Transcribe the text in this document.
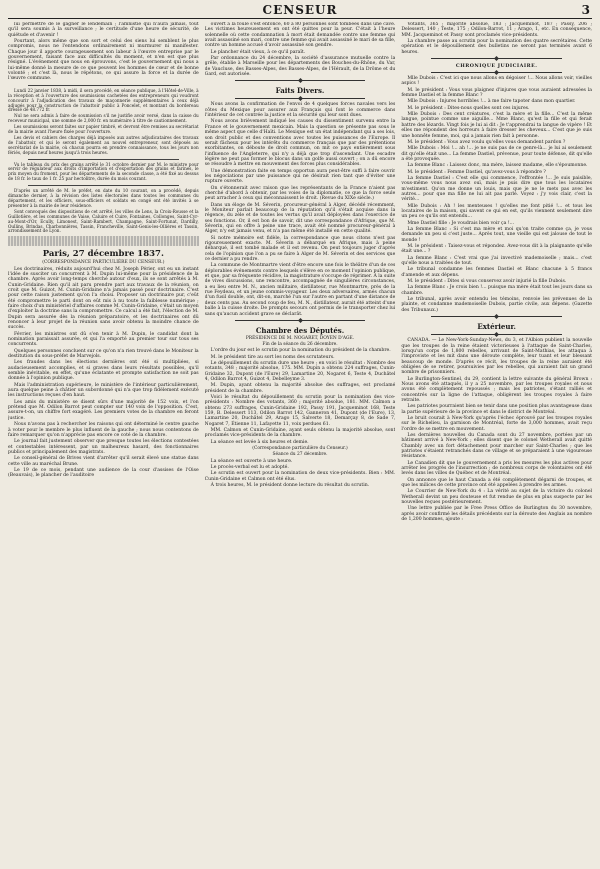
CENSEUR	3

lui permettre de le gagner le lendemain ; l'amnistié qui n'aura jamais, tout qu'il sera soumis à la surveillance ; le certitude d'une heure de sécurité, de quiétude et d'avenir !

Pourtant, alors même que son sort et celui des siens lui semblent le plus compromis, nous ne l'entendons ordinairement ni murmurer ni manifester. Chaque jour il apporte courageusement son labeur à l'œuvre entreprise par le gouvernement, faisant face aux difficultés du moment, et n'en est que plus résigné. L'événement que nous en éprouvons, c'est le gouvernement qui nous a lui-même donné la mesure de ce que peuvent les hommes de cœur et de bonne volonté ; et c'est là, nous le répétons, ce qui assure la force et la durée de l'œuvre commune.

Lundi 22 janvier 1838, à midi, il sera procédé, en séance publique, à l'Hôtel-de-Ville, à la réception et à l'ouverture des soumissions cachetées des entrepreneurs qui voudront concourir à l'adjudication des travaux de maçonnerie supplémentaires à ceux déjà adjugés pour la construction de l'abattoir public à Poncelet, et montant du bordereau dressé de 48.772 fr.

Nul ne sera admis à faire de soumission s'il ne justifie avoir versé, dans la caisse du receveur municipal, une somme de 2,000 fr. en numéraire à titre de cautionnement.

Les soumissions seront faites sur papier timbré, et devront être remises au secrétariat de la mairie avant l'heure fixée pour l'ouverture.

Les devis et cahiers des charges déjà imposés aux autres adjudicataires des travaux de l'abattoir, et qui le seront également au nouvel entrepreneur, sont déposés au secrétariat de la mairie, où chacun pourra en prendre connaissance, tous les jours non fériés, depuis neuf heures jusqu'à trois heures.

Vu le tableau du prix des grains arrêté le 31 octobre dernier par M. le ministre pour servir de régulateur aux droits d'importation et d'exportation des grains et farines, le prix moyen du froment, pour les départements de la seconde classe, a été fixé au dessus de 18 fr. le taux de 1 fr. 25 par hectolitre, durée du mois courant.

D'après un arrêté de M. le préfet, en date du 10 courant, on a procédé, depuis dimanche dernier, à la révision des listes électorales dans toutes les communes du département, et les officiers, sous-officiers et soldats en congé ont été invités à se présenter à la mairie de leur résidence.

Sont convoqués des dispositions de cet arrêté, les villes de Lens, la Croix-Rousse et la Guillotière, et les communes de Vaise, Caluire et Cuire, Fontaines, Collonges, Saint-Cyr-au-Mont-d'Or, Ecully, Limonest, Saint-Rambert, Champagne, Saint-Fortunat, Dardilly, Oullins, Brindas, Charbonnières, Tassin, Francheville, Saint-Genis-les-Ollières et Tassin, arrondissement de Lyon.

Paris, 27 décembre 1837.
(CORRESPONDANCE PARTICULIÈRE DU CENSEUR.)

Les doctrinaires, réduits aujourd'hui chez M. Joseph Périer, ont eu un instant l'idée de susciter un concurrent à M. Dupin lui-même pour la présidence de la chambre. Après avoir long-temps cherché autour d'eux, ils se sont arrêtés à M. Cunin-Gridaine. Rien qu'il ait paru prendre part aux travaux de la réunion, on croit que M. Guizot, M. Cunin-Gridaine n'a jamais passé pour doctrinaire. C'est pour cette raison justement qu'on l'a choisi. Proposer un doctrinaire pur, c'eût été compromettre le parti dont on eût mis à nu toute la faiblesse numérique ; faire choix d'un ministériel d'affaires comme M. Cunin-Gridaine, c'était un moyen d'exploiter la doctrine sans la compromettre. Ce calcul a été fait, l'élection de M. Dupin sera assurée dès la réunion préparatoire, et les doctrinaires ont dû renoncer à leur projet de la réunion sans avoir obtenu la moindre chance de succès.

Février, les ministres ont dû s'en tenir à M. Dupin, le candidat dont la nomination paraissait assurée, et qui l'a emporté au premier tour sur tous ses concurrents.

Quelques personnes concluent sur ce qu'on n'a rien trouvé dans le Moniteur la destitution du sous-préfet de Marvejols.

Les fraudes dans les élections dernières ont été si multipliées, si audacieusement accomplies, et si graves dans leurs résultats possibles, qu'il semble inévitable, en effet, qu'une éclatante et prompte satisfaction ne soit pas donnée à l'opinion publique.

Mais l'administration supérieure, le ministère de l'intérieur particulièrement, aura quelque peine à châtier un subordonné qui n'a que trop fidèlement exécuté les instructions reçues d'en haut.

Les amis du ministère se disent sûrs d'une majorité de 152 voix, et l'on prétend que M. Odilon Barrot peut compter sur 140 voix de l'opposition. C'est, assure-t-on, un chiffre fort exagéré. Les premiers votes de la chambre en feront justice.

Nous n'avons pas à rechercher les raisons qui ont déterminé le centre gauche à voter pour le membre le plus influent de la gauche ; nous nous contentons de faire remarquer qu'on n'apprécie pas encore ce coté de la chambre.

Le journal fait justement observer que presque toutes les élections contestées et contestables intéressent, par un malheureux hasard, des fonctionnaires publics et principalement des magistrats.

Le conseil-général de Brives vient d'arrêter qu'il serait élevé une statue dans cette ville au maréchal Brune.

Le 19 de ce mois, pendant une audience de la cour d'assises de l'Oise (Beauvais), le plancher de l'auditoire

ouvert à la foule s'est enfoncé, 60 à 80 personnes sont tombées dans une cave. Les victimes heureusement en ont été quittes pour la peur. C'était à l'heure solennelle où cette condamnation à mort était demandée contre une femme qui avait assassiné son mari, contre une femme qui avait assassiné le mari de sa fille, contre un homme accusé d'avoir assassiné son gendre.

Le plancher était vieux, à ce qu'il paraît.

Par ordonnance du 24 décembre, la société d'assurance mutuelle contre la grêle, établie à Marseille pour les départements des Bouches-du-Rhône, du Var, de Vaucluse, des Basses-Alpes, des Basses-Alpes, de l'Hérault, de la Drôme et du Gard, est autorisée.

Faits Divers.

Nous avons la confirmation de l'envoi de 4 quelques forces navales vers les côtes du Mexique pour assurer aux Français qui font le commerce dans l'intérieur de cet contrée la justice et la sécurité qui leur sont dues.

Nous avons brièvement indiqué les causes du dissentiment survenu entre la France et le gouvernement mexicain. Mais la question se présente pas sous le même aspect que celle d'Haïti. Le Mexique est un état indépendant qui a ses lois, son droit public et des conventions avec toutes les puissances de l'Europe. Il serait fâcheux pour les intérêts du commerce français que par des prétentions exorbitantes, on déboute de droit commun, on mit ce pays entièrement sous l'influence de l'Angleterre, qui n'y a déjà que trop d'ascendant. Une escadre légère ne peut pas former le blocus dans un golfe aussi ouvert ; on a dû encore se résoudre à mettre en mouvement des forces plus considérables.

Une démonstration faite en temps opportun aura peut-être suffi à faire ouvrir les négociations par une puissance qui ne désirait rien tant que d'éviter une rupture ouverte.

On s'étonnerait avec raison que les représentants de la France n'aient pas cherché d'abord à obtenir, par les voies de la diplomatie, ce que la force seule peut arracher à ceux qui méconnaissent le droit. (Revue du XIXe siècle.)

Dans un éloge de M. Séverin, procureur-général à Alger, décédé récemment, le Moniteur parlait beaucoup de la réputation qu'il s'était acquise dans la régence, du zèle et de toutes les vertus qu'il avait déployées dans l'exercice de ses fonctions. Or, il est bon de savoir, dit une correspondance d'Afrique, que M. Séverin, qui en offre à peine une trace, avait été nommé procureur-général à Alger, n'y est jamais venu, et n'a pas même été installé en cette qualité.

Si notre mémoire est fidèle, la correspondance que nous citons n'est pas rigoureusement exacte. M. Séverin a débarqué en Afrique, mais à peine débarqué, il est tombé malade et il est revenu. On peut toujours juger d'après cela de l'opinion que l'on a pu se faire à Alger de M. Séverin et des services que ce dernier a pu rendre.

La commune de Montmartre vient d'être encore une fois le théâtre d'un de ces déplorables événements contre lesquels s'élève en ce moment l'opinion publique, et que, par sa fréquente récidive, la magistrature s'occupe de réprimer. À la suite de vives discussions, une rencontre, accompagnée de singulières circonstances, a eu lieu entre M. N., ancien militaire, distillateur, rue Montmartre, près de la rue Feydeau, et un jeune commis-voyageur. Les deux adversaires, armés chacun d'un fusil double, ont, dit-on, marché l'un sur l'autre en partant d'une distance de deux cents pas. Au second coup de feu, M. N., distillateur, aurait été atteint d'une balle à la cuisse droite. De prompts secours ont permis de le transporter chez lui sans qu'aucun accident grave se déclarât.

Chambre des Députés.
PRÉSIDENCE DE M. NOGARET, DOYEN D'AGE.
Fin de la séance du 26 décembre.

L'ordre du jour est le scrutin pour la nomination du président de la chambre.

M. le président tire au sort les noms des scrutateurs.

Le dépouillement du scrutin dure une heure ; en voici le résultat : Nombre des votants, 348 ; majorité absolue, 175. MM. Dupin a obtenu 224 suffrages, Cunin-Gridaine 32, Dupont (de l'Eure) 29, Lamartine 20, Nogaret 6, Teste 4, Duchâtel 4, Odilon Barrot 4, Guizot 4, Debelleyme 3.

M. Dupin, ayant obtenu la majorité absolue des suffrages, est proclamé président de la chambre.

Voici le résultat du dépouillement du scrutin pour la nomination des vice-présidents : Nombre des votants, 360 ; majorité absolue, 181. MM. Calmon a obtenu 273 suffrages, Cunin-Gridaine 192, Passy 191, Jacqueminot 168, Teste 159, B. Delessert 113, Odilon Barrot 142, Ganneron 41, Dupont (de l'Eure), 13, Lamartine 20, Duchâtel 29, Arago 15, Salverte 18, Demarçay 8, de Sade 7, Nogaret 7, Étienne 11, Lafayette 11, voix perdues 61.

MM. Calmon et Cunin-Gridaine, ayant seuls obtenu la majorité absolue, sont proclamés vice-présidents de la chambre.

La séance est levée à six heures et demie.

(Correspondance particulière du Censeur.)
Séance du 27 décembre.

La séance est ouverte à une heure.

Le procès-verbal est lu et adopté.

Le scrutin est ouvert pour la nomination de deux vice-présidents. Bien : MM. Cunin-Gridaine et Calmon ont été élus.

À trois heures, M. le président donne lecture du résultat du scrutin.

Votants, 365 ; majorité absolue, 183 ; Jacqueminot, 187 ; Passy, 206 ; Delessert, 140 ; Teste, 175 ; Odilon-Barrot, 11 ; Arago, 1, etc. En conséquence, MM. Jacqueminot et Passy sont proclamés vice-présidents.

La chambre passe au scrutin pour la nomination des quatre secrétaires. Cette opération et le dépouillement des bulletins ne seront pas terminés avant 6 heures.

CHRONIQUE JUDICIAIRE.

Mlle Dubois : C'est ici que nous allons en dégoiser !... Nous allons voir, vieilles aspics !

M. le président : Vous vous plaignez d'injures que vous auraient adressées la femme Dastiel et la femme Blanc ?

Mlle Dubois : Injures horribles !... à me faire tapoter dans mon quartier.

M. le président : Dites-nous quelles sont ces injures.

Mlle Dubois : Des cent créatures, c'est la mère et la fille... C'est la même langue, pointue comme une aiguille... Mme Blanc, qu'est la fille et qui ferait battre des lézards. Vingt fois je lui ai dit : Je t'apprendrai ta langue de vipère ! Et elles me répondent des horreurs à faire dresser les cheveux... C'est que je suis une honnête femme, moi, qui a jamais rien fait à personne.

M. le président : Vous avez voulu qu'elles vous demandent pardon ?

Mlle Dubois : Moi !... ah !... je ne suis pas de ce genre-là... je lui ai seulement dit qu'elle était une... La femme Dastiel, prévenue, pour toute défense, dit qu'elle a été provoquée.

La femme Blanc : Laissez donc, ma mère, laissez madame, elle s'époumonne.

M. le président : Femme Dastiel, qu'avez-vous à répondre ?

La femme Dastiel : C'est elle qui commence, l'effrontée !... Je suis paisible, vous-même vous nous avez ouï, mais je puis dire que tous les locataires m'estiment. Qu'on me donne un louis, mais que je ne le mets pas avec les autres... pour que ma fille ne lui ait pas parlé. Voyez : j'y vois clair, c'est la vérité...

Mlle Dubois : Ah ! les menteuses ! qu'elles me font pitié !... et tous les locataires de la maison, qui savent ce qui en est, qu'ils viennent seulement dire un peu ce qu'ils ont entendu...

Mme Dastiel fille : Je voudrais bien voir ça !...

La femme Blanc : Si c'est ma mère et moi qu'on traite comme ça, je vous demande un peu si c'est juste... Après tout, une vieille qui est jalouse de tout le monde !

M. le président : Taisez-vous et répondez. Avez-vous dit à la plaignante qu'elle était une... ?

La femme Blanc : C'est vrai que j'ai invectivé mademoiselle ; mais... c'est qu'elle nous a traitées de tout.

Le tribunal condamne les femmes Dastiel et Blanc chacune à 5 francs d'amende et aux dépens.

M. le président : Dites si vous conservez avoir injurié la fille Dubois.

La femme Blanc : Je crois bien !... puisque ma mère était tout les jours dans sa chambre.

Le tribunal, après avoir entendu les témoins, renvoie les prévenues de la plainte, et condamne mademoiselle Dubois, partie civile, aux dépens. (Gazette des Tribunaux.)

Extérieur.

CANADA. — Le New-York-Sunday-News, du 3, et l'Albion publient la nouvelle que les troupes de la reine étaient victorieuses à l'attaque de Saint-Charles, lorsqu'un corps de 1,800 rebelles, arrivant de Saint-Mathias, les attaqua à l'improviste et les mit dans une déroute complète, leur tuant et leur blessant beaucoup de monde. D'après ce récit, les troupes de la reine auraient été obligées de se retirer, poursuivies par les rebelles, qui auraient fait un grand nombre de prisonniers.

Le Burlington-Sentinel, du 29, contient la lettre suivante du général Brown : Nous avons été attaqués, il y a 25 novembre, par les troupes royales et nous avons été complètement repoussés ; mais les patriotes, s'étant ralliés et concentrés sur la ligne de l'attaque, obligèrent les troupes royales à faire retraite.

Les patriotes pourraient bien se tenir dans une position plus avantageuse dans la partie supérieure de la province et dans le district de Montréal.

Le bruit courait à New-York qu'après l'échec éprouvé par les troupes royales sur le Richelieu, la garnison de Montréal, forte de 3,000 hommes, avait reçu l'ordre de se mettre en mouvement.

Les dernières nouvelles du Canada sont du 27 novembre, portées par un bâtiment arrivé à New-York ; elles disent que le colonel Wetherall avait quitté Chambly avec un fort détachement pour marcher sur Saint-Charles ; que les patriotes s'étaient retranchés dans ce village et se préparaient à une vigoureuse résistance.

Le Canadien dit que le gouvernement a pris les mesures les plus actives pour arrêter les progrès de l'insurrection ; de nombreux corps de volontaires ont été levés dans les villes de Québec et de Montréal.

On annonce que le haut Canada a été complètement dégarni de troupes, et que les milices de cette province ont été appelées à prendre les armes.

Le Courrier de New-York du 4 : La vérité au sujet de la victoire du colonel Wetherall devint un peu douteuse et fut rendue de plus en plus suspecte par les nouvelles reçues postérieurement.

Une lettre publiée par le Free Press Office de Burlington du 30 novembre, après avoir confirmé les détails précédents sur la déroute des Anglais au nombre de 1,200 hommes, ajoute :
